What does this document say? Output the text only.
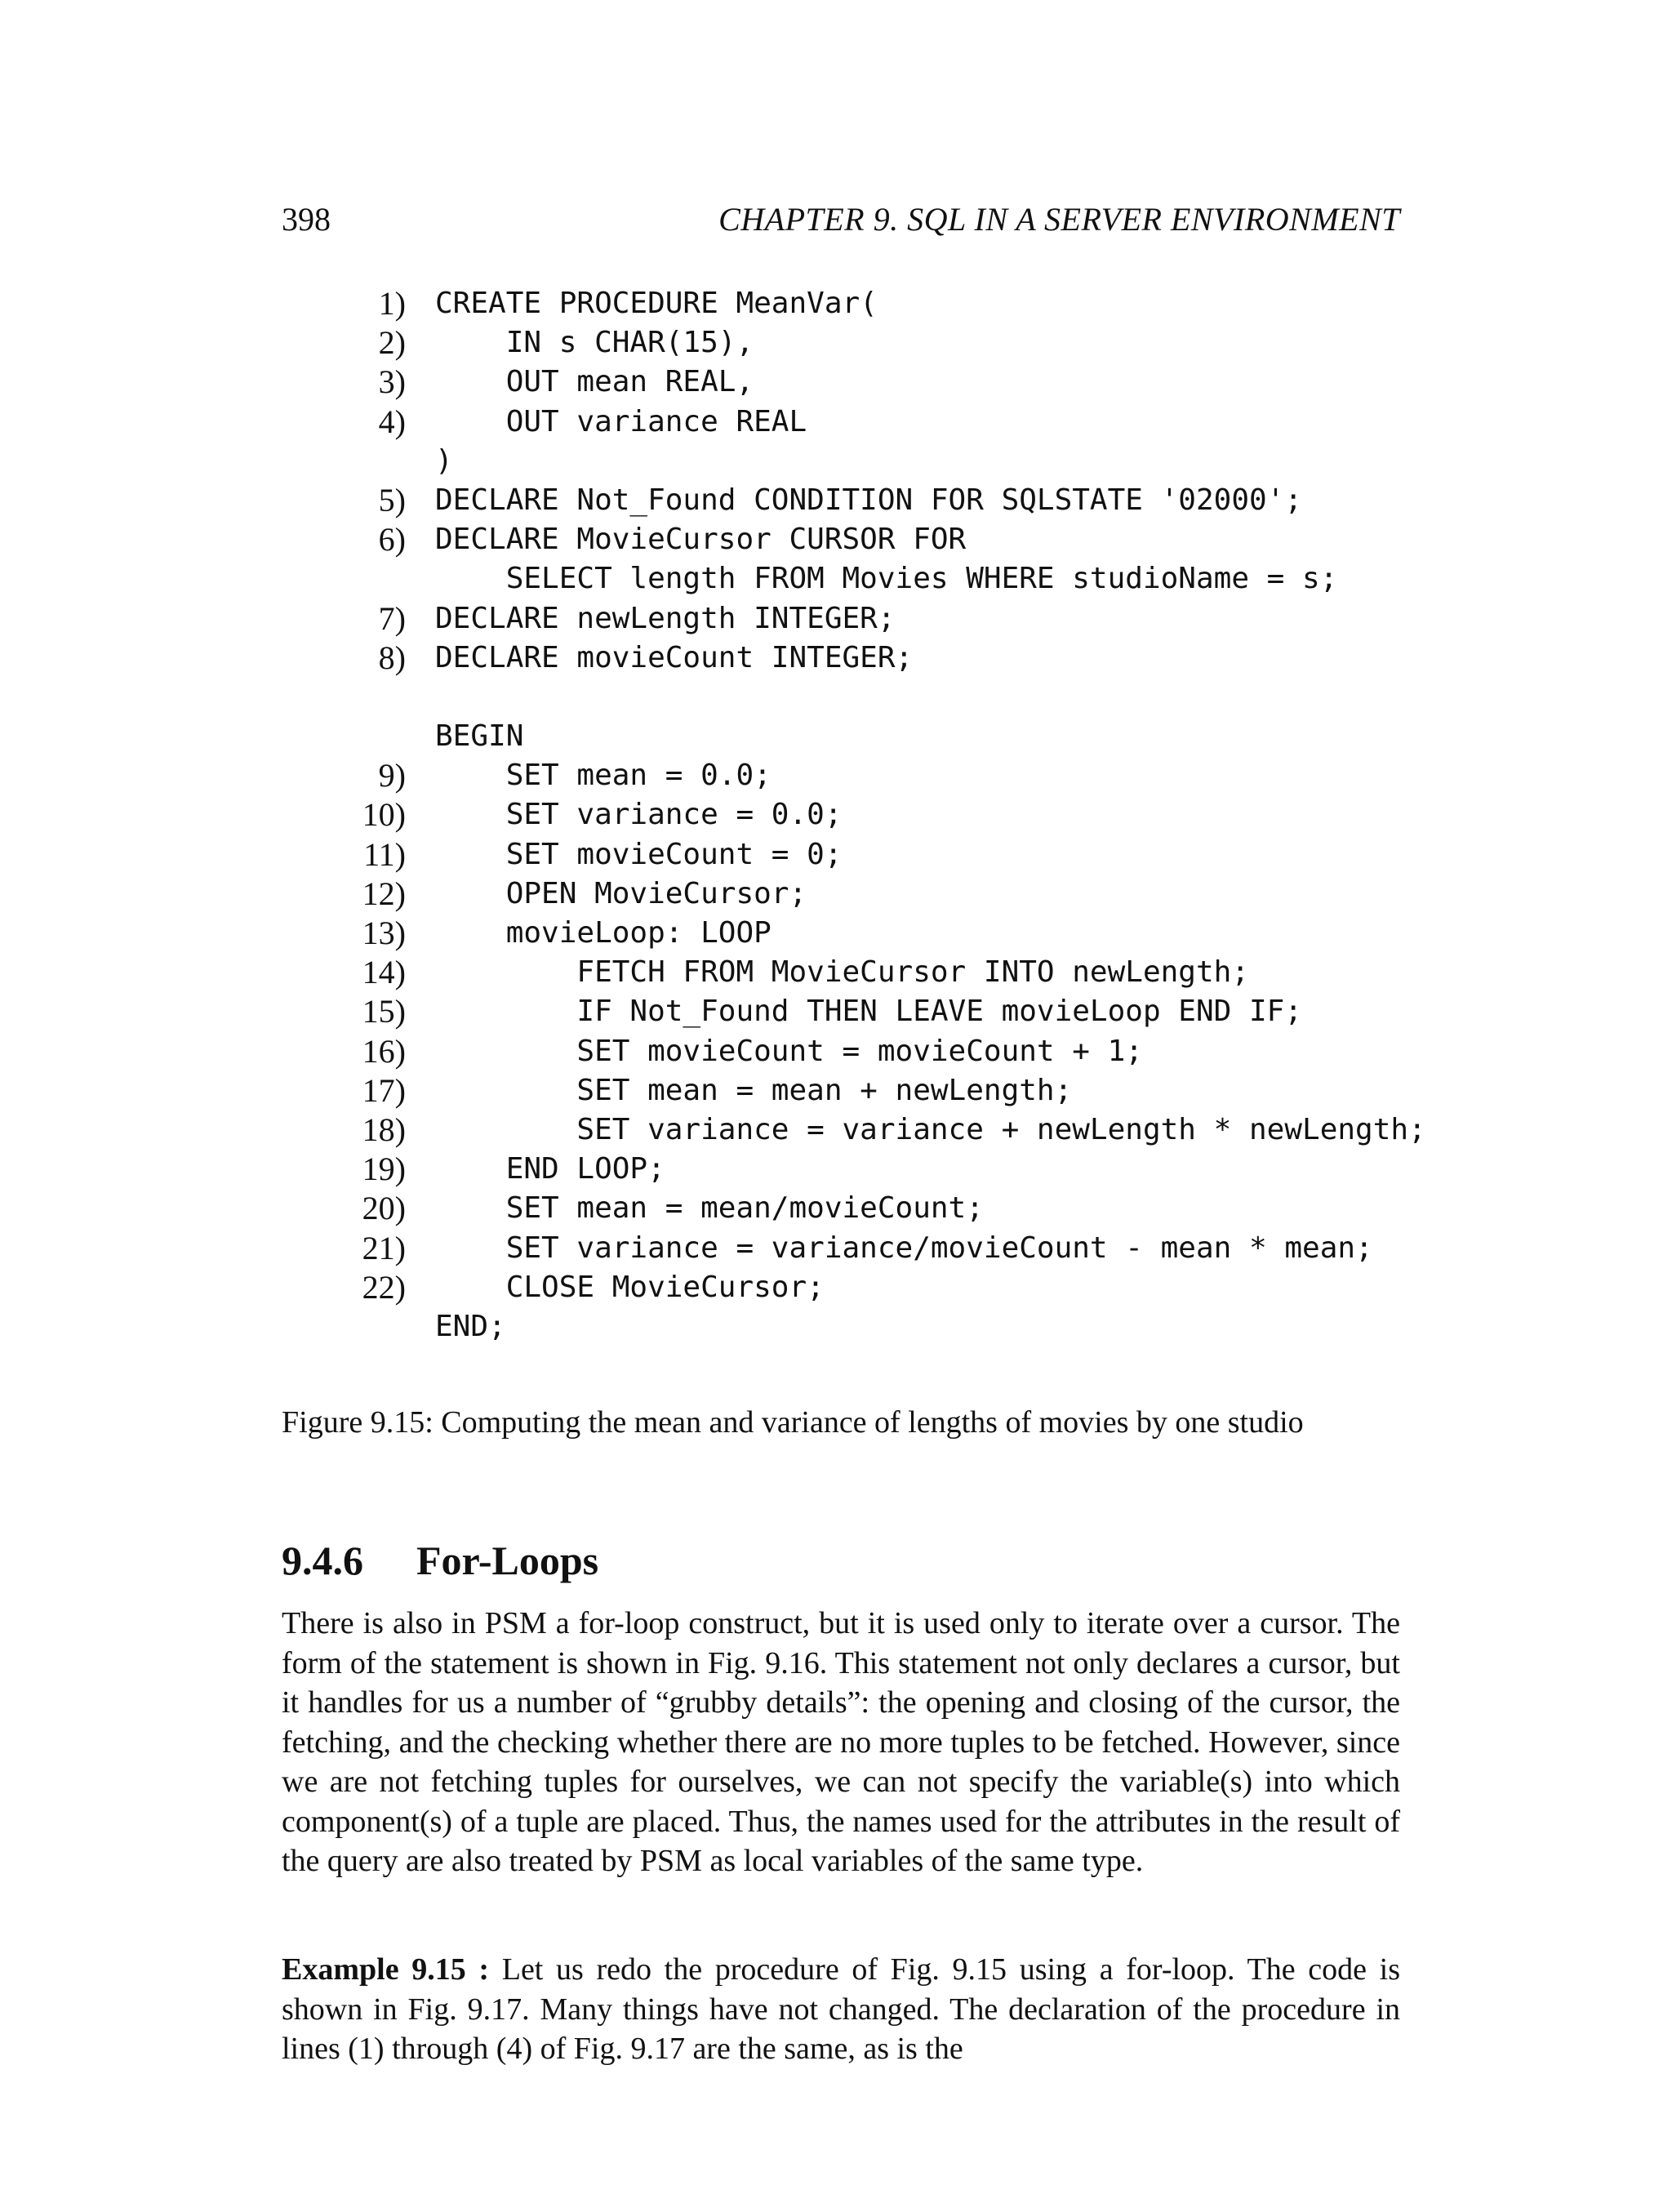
398	CHAPTER 9. SQL IN A SERVER ENVIRONMENT
1) CREATE PROCEDURE MeanVar(
2) IN s CHAR(15),
3) OUT mean REAL,
4) OUT variance REAL
)
5) DECLARE Not_Found CONDITION FOR SQLSTATE '02000';
6) DECLARE MovieCursor CURSOR FOR
SELECT length FROM Movies WHERE studioName = s;
7) DECLARE newLength INTEGER;
8) DECLARE movieCount INTEGER;
BEGIN
9) SET mean = 0.0;
10) SET variance = 0.0;
11) SET movieCount = 0;
12) OPEN MovieCursor;
13) movieLoop: LOOP
14) FETCH FROM MovieCursor INTO newLength;
15) IF Not_Found THEN LEAVE movieLoop END IF;
16) SET movieCount = movieCount + 1;
17) SET mean = mean + newLength;
18) SET variance = variance + newLength * newLength;
19) END LOOP;
20) SET mean = mean/movieCount;
21) SET variance = variance/movieCount - mean * mean;
22) CLOSE MovieCursor;
END;
Figure 9.15: Computing the mean and variance of lengths of movies by one studio
9.4.6 For-Loops
There is also in PSM a for-loop construct, but it is used only to iterate over a cursor. The form of the statement is shown in Fig. 9.16. This statement not only declares a cursor, but it handles for us a number of “grubby details”: the opening and closing of the cursor, the fetching, and the checking whether there are no more tuples to be fetched. However, since we are not fetching tuples for ourselves, we can not specify the variable(s) into which component(s) of a tuple are placed. Thus, the names used for the attributes in the result of the query are also treated by PSM as local variables of the same type.
Example 9.15 : Let us redo the procedure of Fig. 9.15 using a for-loop. The code is shown in Fig. 9.17. Many things have not changed. The declaration of the procedure in lines (1) through (4) of Fig. 9.17 are the same, as is the
